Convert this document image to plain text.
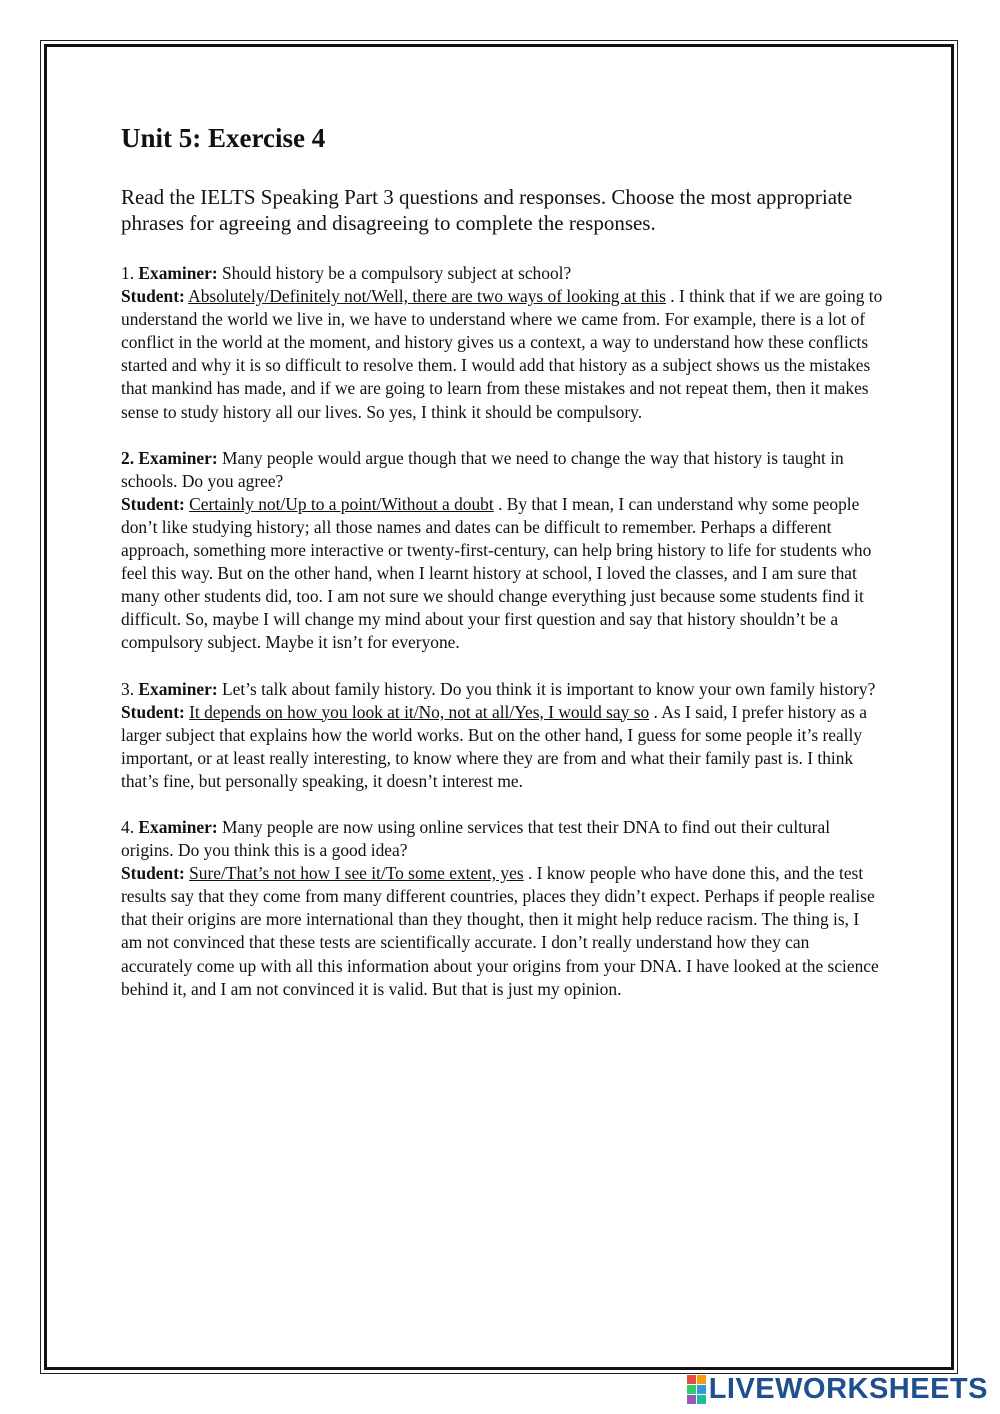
Unit 5: Exercise 4
Read the IELTS Speaking Part 3 questions and responses. Choose the most appropriate phrases for agreeing and disagreeing to complete the responses.

1. Examiner: Should history be a compulsory subject at school?

Student: Absolutely/Definitely not/Well, there are two ways of looking at this . I think that if we are going to understand the world we live in, we have to understand where we came from. For example, there is a lot of conflict in the world at the moment, and history gives us a context, a way to understand how these conflicts started and why it is so difficult to resolve them. I would add that history as a subject shows us the mistakes that mankind has made, and if we are going to learn from these mistakes and not repeat them, then it makes sense to study history all our lives. So yes, I think it should be compulsory.

2. Examiner: Many people would argue though that we need to change the way that history is taught in schools. Do you agree?

Student: Certainly not/Up to a point/Without a doubt . By that I mean, I can understand why some people don’t like studying history; all those names and dates can be difficult to remember. Perhaps a different approach, something more interactive or twenty-first-century, can help bring history to life for students who feel this way. But on the other hand, when I learnt history at school, I loved the classes, and I am sure that many other students did, too. I am not sure we should change everything just because some students find it difficult. So, maybe I will change my mind about your first question and say that history shouldn’t be a compulsory subject. Maybe it isn’t for everyone.

3. Examiner: Let’s talk about family history. Do you think it is important to know your own family history?

Student: It depends on how you look at it/No, not at all/Yes, I would say so . As I said, I prefer history as a larger subject that explains how the world works. But on the other hand, I guess for some people it’s really important, or at least really interesting, to know where they are from and what their family past is. I think that’s fine, but personally speaking, it doesn’t interest me.

4. Examiner: Many people are now using online services that test their DNA to find out their cultural origins. Do you think this is a good idea?

Student: Sure/That’s not how I see it/To some extent, yes . I know people who have done this, and the test results say that they come from many different countries, places they didn’t expect. Perhaps if people realise that their origins are more international than they thought, then it might help reduce racism. The thing is, I am not convinced that these tests are scientifically accurate. I don’t really understand how they can accurately come up with all this information about your origins from your DNA. I have looked at the science behind it, and I am not convinced it is valid. But that is just my opinion.

LIVEWORKSHEETS
